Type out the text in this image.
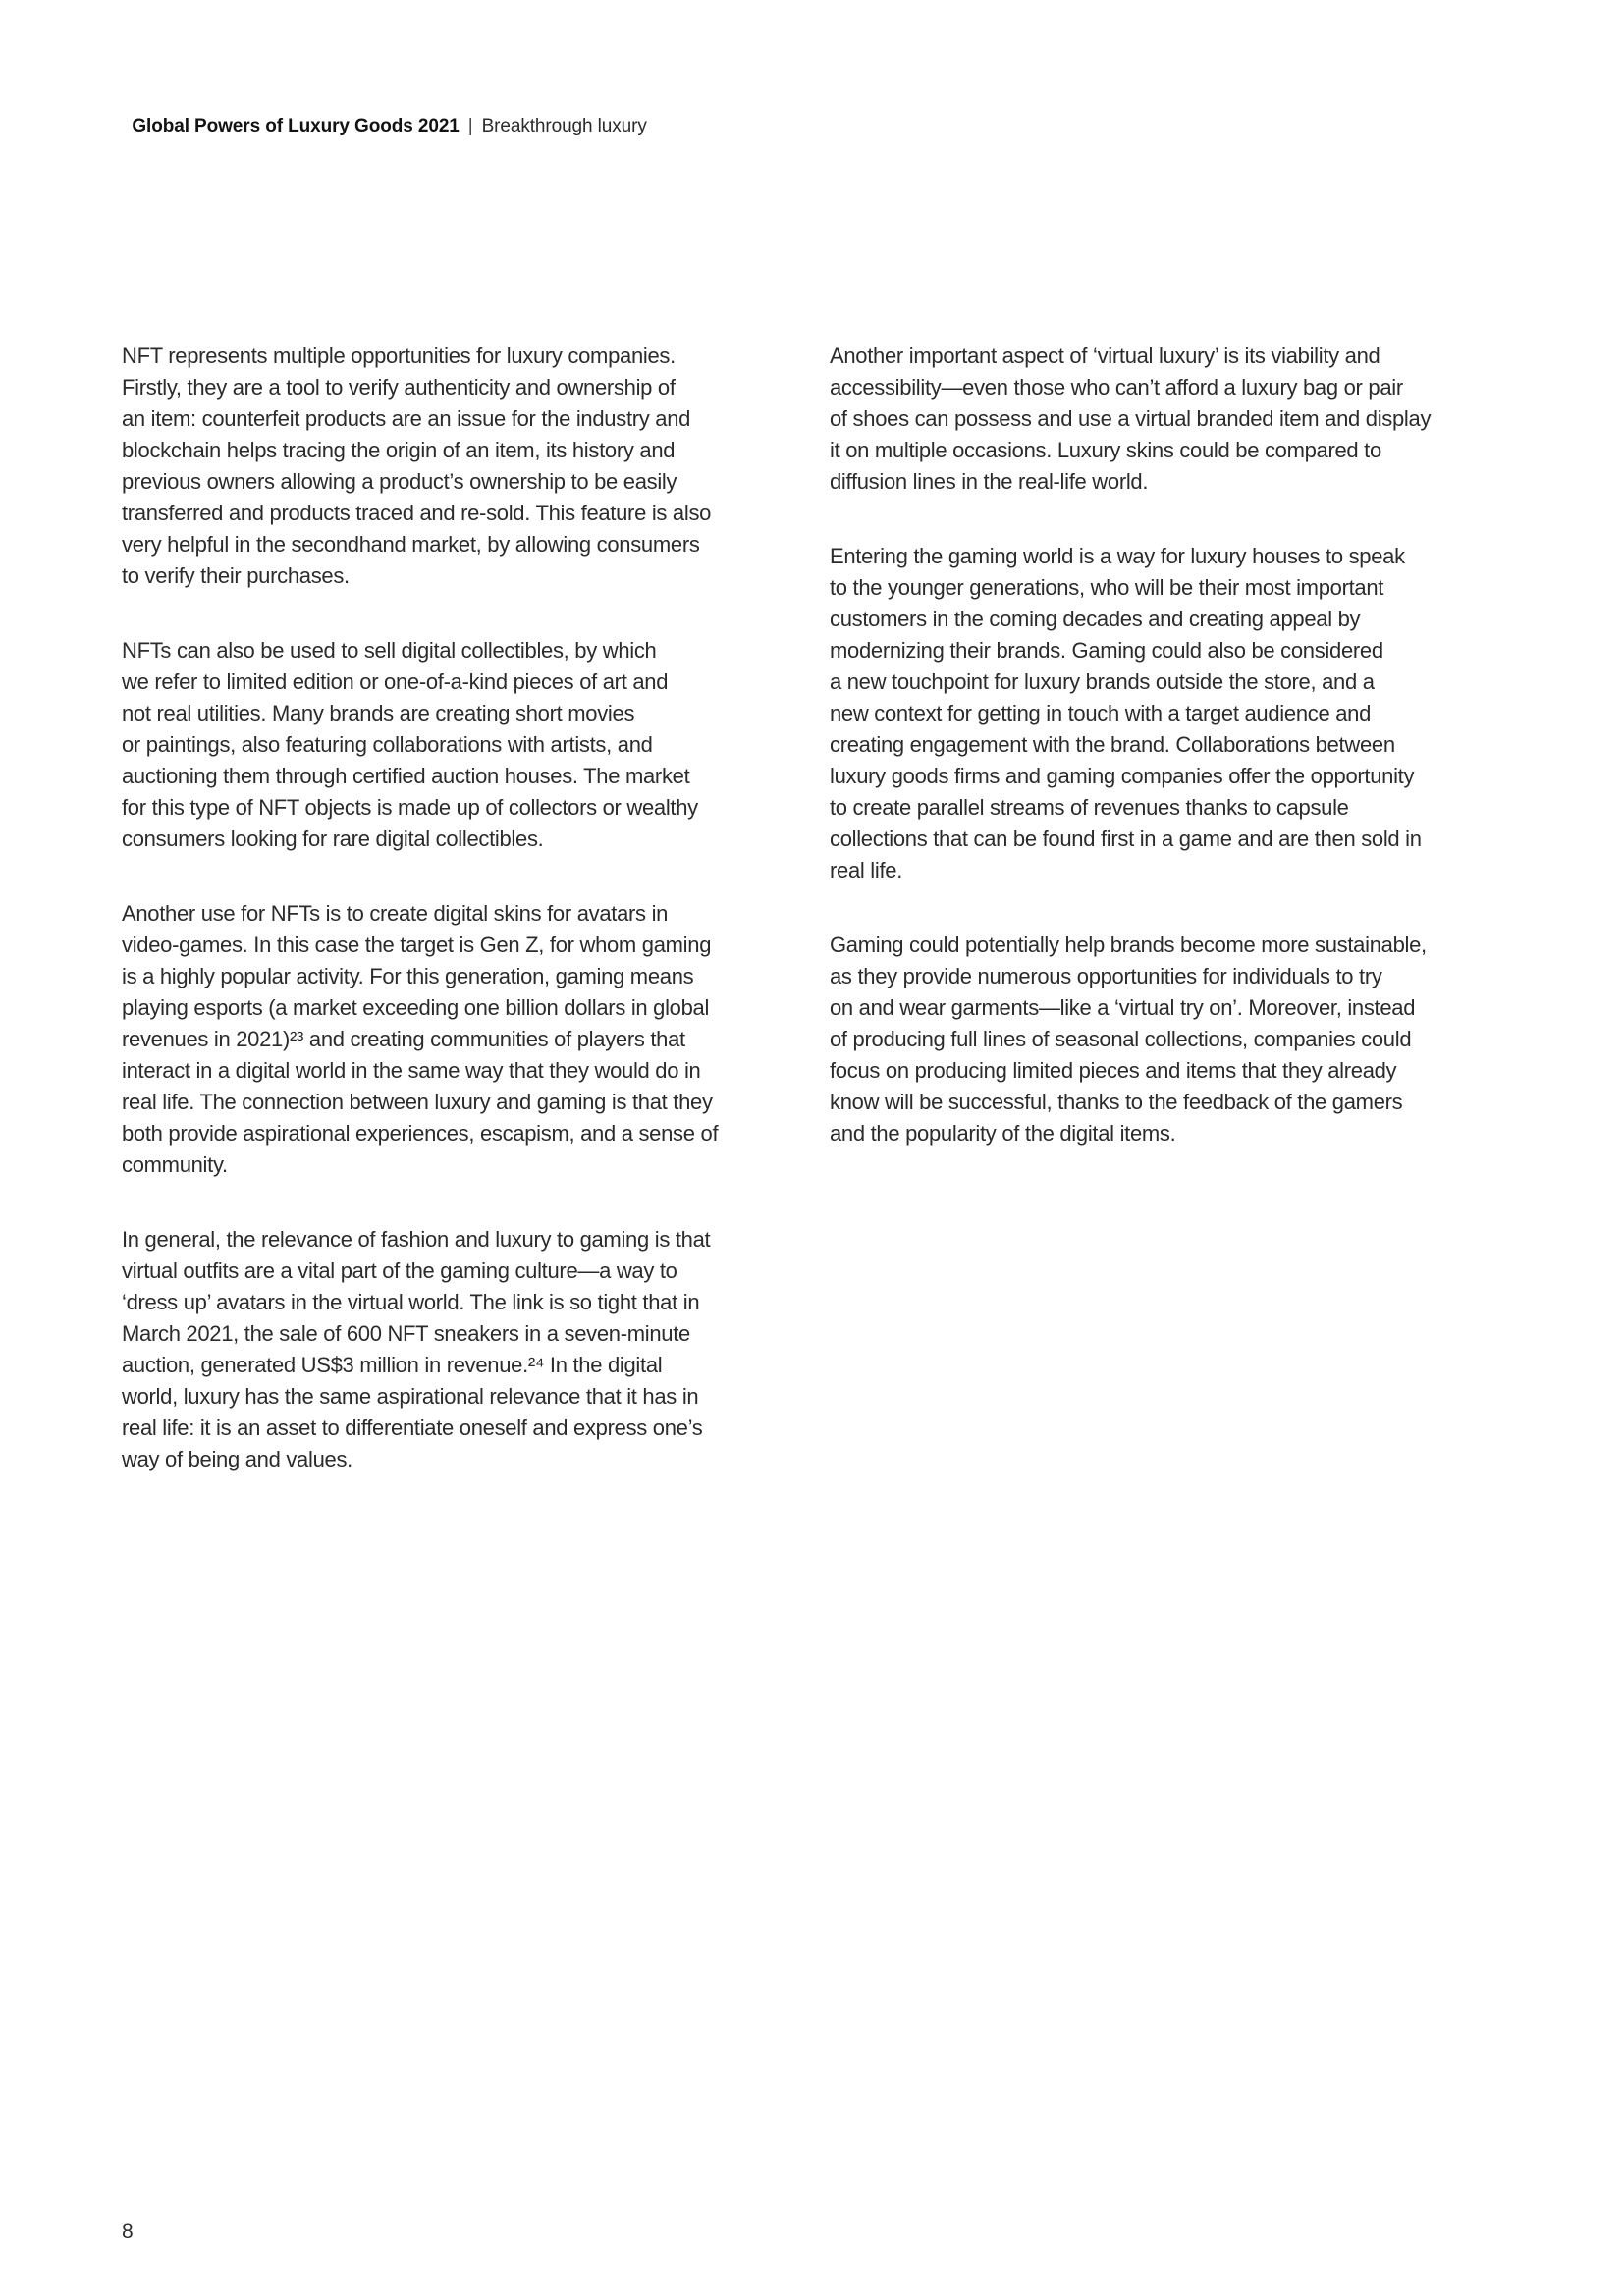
Global Powers of Luxury Goods 2021 | Breakthrough luxury

NFT represents multiple opportunities for luxury companies.
Firstly, they are a tool to verify authenticity and ownership of
an item: counterfeit products are an issue for the industry and
blockchain helps tracing the origin of an item, its history and
previous owners allowing a product’s ownership to be easily
transferred and products traced and re-sold. This feature is also
very helpful in the secondhand market, by allowing consumers
to verify their purchases.

NFTs can also be used to sell digital collectibles, by which
we refer to limited edition or one-of-a-kind pieces of art and
not real utilities. Many brands are creating short movies
or paintings, also featuring collaborations with artists, and
auctioning them through certified auction houses. The market
for this type of NFT objects is made up of collectors or wealthy
consumers looking for rare digital collectibles.

Another use for NFTs is to create digital skins for avatars in
video-games. In this case the target is Gen Z, for whom gaming
is a highly popular activity. For this generation, gaming means
playing esports (a market exceeding one billion dollars in global
revenues in 2021)²³ and creating communities of players that
interact in a digital world in the same way that they would do in
real life. The connection between luxury and gaming is that they
both provide aspirational experiences, escapism, and a sense of
community.

In general, the relevance of fashion and luxury to gaming is that
virtual outfits are a vital part of the gaming culture—a way to
‘dress up’ avatars in the virtual world. The link is so tight that in
March 2021, the sale of 600 NFT sneakers in a seven-minute
auction, generated US$3 million in revenue.²⁴ In the digital
world, luxury has the same aspirational relevance that it has in
real life: it is an asset to differentiate oneself and express one’s
way of being and values.

Another important aspect of ‘virtual luxury’ is its viability and
accessibility—even those who can’t afford a luxury bag or pair
of shoes can possess and use a virtual branded item and display
it on multiple occasions. Luxury skins could be compared to
diffusion lines in the real-life world.

Entering the gaming world is a way for luxury houses to speak
to the younger generations, who will be their most important
customers in the coming decades and creating appeal by
modernizing their brands. Gaming could also be considered
a new touchpoint for luxury brands outside the store, and a
new context for getting in touch with a target audience and
creating engagement with the brand. Collaborations between
luxury goods firms and gaming companies offer the opportunity
to create parallel streams of revenues thanks to capsule
collections that can be found first in a game and are then sold in
real life.

Gaming could potentially help brands become more sustainable,
as they provide numerous opportunities for individuals to try
on and wear garments—like a ‘virtual try on’. Moreover, instead
of producing full lines of seasonal collections, companies could
focus on producing limited pieces and items that they already
know will be successful, thanks to the feedback of the gamers
and the popularity of the digital items.

8
